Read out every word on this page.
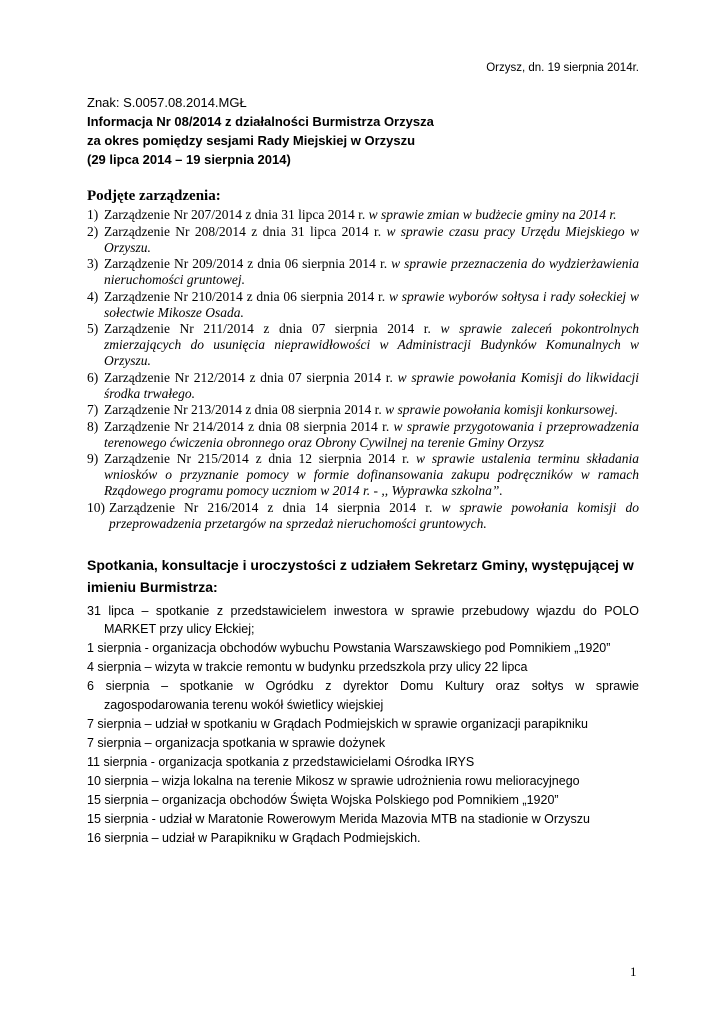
Orzysz, dn. 19 sierpnia 2014r.
Znak: S.0057.08.2014.MGŁ
Informacja Nr 08/2014 z działalności Burmistrza Orzysza
za okres pomiędzy sesjami Rady Miejskiej w Orzyszu
(29 lipca 2014 – 19 sierpnia 2014)
Podjęte zarządzenia:
1) Zarządzenie Nr 207/2014 z dnia 31 lipca 2014 r. w sprawie zmian w budżecie gminy na 2014 r.
2) Zarządzenie Nr 208/2014 z dnia 31 lipca 2014 r. w sprawie czasu pracy Urzędu Miejskiego w Orzyszu.
3) Zarządzenie Nr 209/2014 z dnia 06 sierpnia 2014 r. w sprawie przeznaczenia do wydzierżawienia nieruchomości gruntowej.
4) Zarządzenie Nr 210/2014 z dnia 06 sierpnia 2014 r. w sprawie wyborów sołtysa i rady sołeckiej w sołectwie Mikosze Osada.
5) Zarządzenie Nr 211/2014 z dnia 07 sierpnia 2014 r. w sprawie zaleceń pokontrolnych zmierzających do usunięcia nieprawidłowości w Administracji Budynków Komunalnych w Orzyszu.
6) Zarządzenie Nr 212/2014 z dnia 07 sierpnia 2014 r. w sprawie powołania Komisji do likwidacji środka trwałego.
7) Zarządzenie Nr 213/2014 z dnia 08 sierpnia 2014 r. w sprawie powołania komisji konkursowej.
8) Zarządzenie Nr 214/2014 z dnia 08 sierpnia 2014 r. w sprawie przygotowania i przeprowadzenia terenowego ćwiczenia obronnego oraz Obrony Cywilnej na terenie Gminy Orzysz
9) Zarządzenie Nr 215/2014 z dnia 12 sierpnia 2014 r. w sprawie ustalenia terminu składania wniosków o przyznanie pomocy w formie dofinansowania zakupu podręczników w ramach Rządowego programu pomocy uczniom w 2014 r. - ,, Wyprawka szkolna”.
10) Zarządzenie Nr 216/2014 z dnia 14 sierpnia 2014 r. w sprawie powołania komisji do przeprowadzenia przetargów na sprzedaż nieruchomości gruntowych.
Spotkania, konsultacje i uroczystości z udziałem Sekretarz Gminy, występującej w imieniu Burmistrza:
31 lipca – spotkanie z przedstawicielem inwestora w sprawie przebudowy wjazdu do POLO MARKET przy ulicy Ełckiej;
1 sierpnia - organizacja obchodów wybuchu Powstania Warszawskiego pod Pomnikiem „1920”
4 sierpnia – wizyta w trakcie remontu w budynku przedszkola przy ulicy 22 lipca
6 sierpnia – spotkanie w Ogródku z dyrektor Domu Kultury oraz sołtys w sprawie zagospodarowania terenu wokół świetlicy wiejskiej
7 sierpnia – udział w spotkaniu w Grądach Podmiejskich w sprawie organizacji parapikniku
7 sierpnia – organizacja spotkania w sprawie dożynek
11 sierpnia - organizacja spotkania z przedstawicielami Ośrodka IRYS
10 sierpnia – wizja lokalna na terenie Mikosz w sprawie udrożnienia rowu melioracyjnego
15 sierpnia – organizacja obchodów Święta Wojska Polskiego pod Pomnikiem „1920”
15 sierpnia - udział w Maratonie Rowerowym Merida Mazovia MTB na stadionie w Orzyszu
16 sierpnia – udział w Parapikniku w Grądach Podmiejskich.
1
